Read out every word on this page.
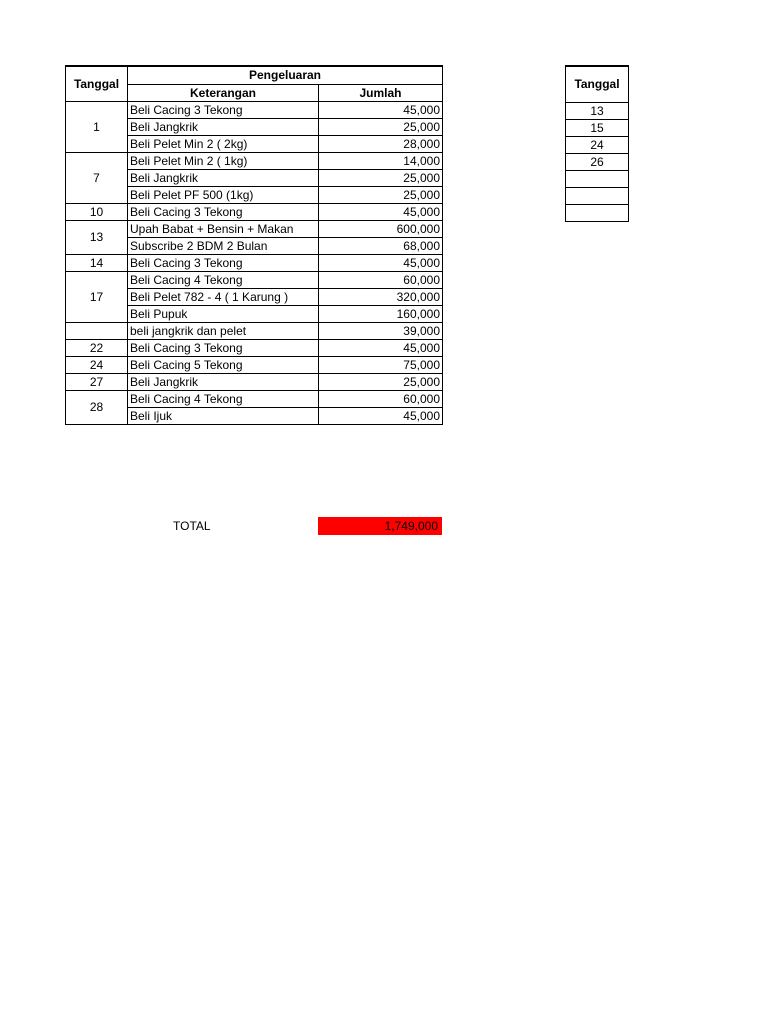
Tanggal	Pengeluaran	
	Keterangan	Jumlah
1	Beli Cacing 3 Tekong	45,000
	Beli Jangkrik	25,000
	Beli Pelet Min 2 ( 2kg)	28,000
7	Beli Pelet Min 2 ( 1kg)	14,000
	Beli Jangkrik	25,000
	Beli Pelet PF 500 (1kg)	25,000
10	Beli Cacing 3 Tekong	45,000
13	Upah Babat + Bensin + Makan	600,000
	Subscribe 2 BDM 2 Bulan	68,000
14	Beli Cacing 3 Tekong	45,000
17	Beli Cacing 4 Tekong	60,000
	Beli Pelet 782 - 4 ( 1 Karung )	320,000
	Beli Pupuk	160,000
	beli jangkrik dan pelet	39,000
22	Beli Cacing 3 Tekong	45,000
24	Beli Cacing 5 Tekong	75,000
27	Beli Jangkrik	25,000
28	Beli Cacing 4 Tekong	60,000
	Beli Ijuk	45,000
Tanggal
13
15
24
26

TOTAL	1,749,000
